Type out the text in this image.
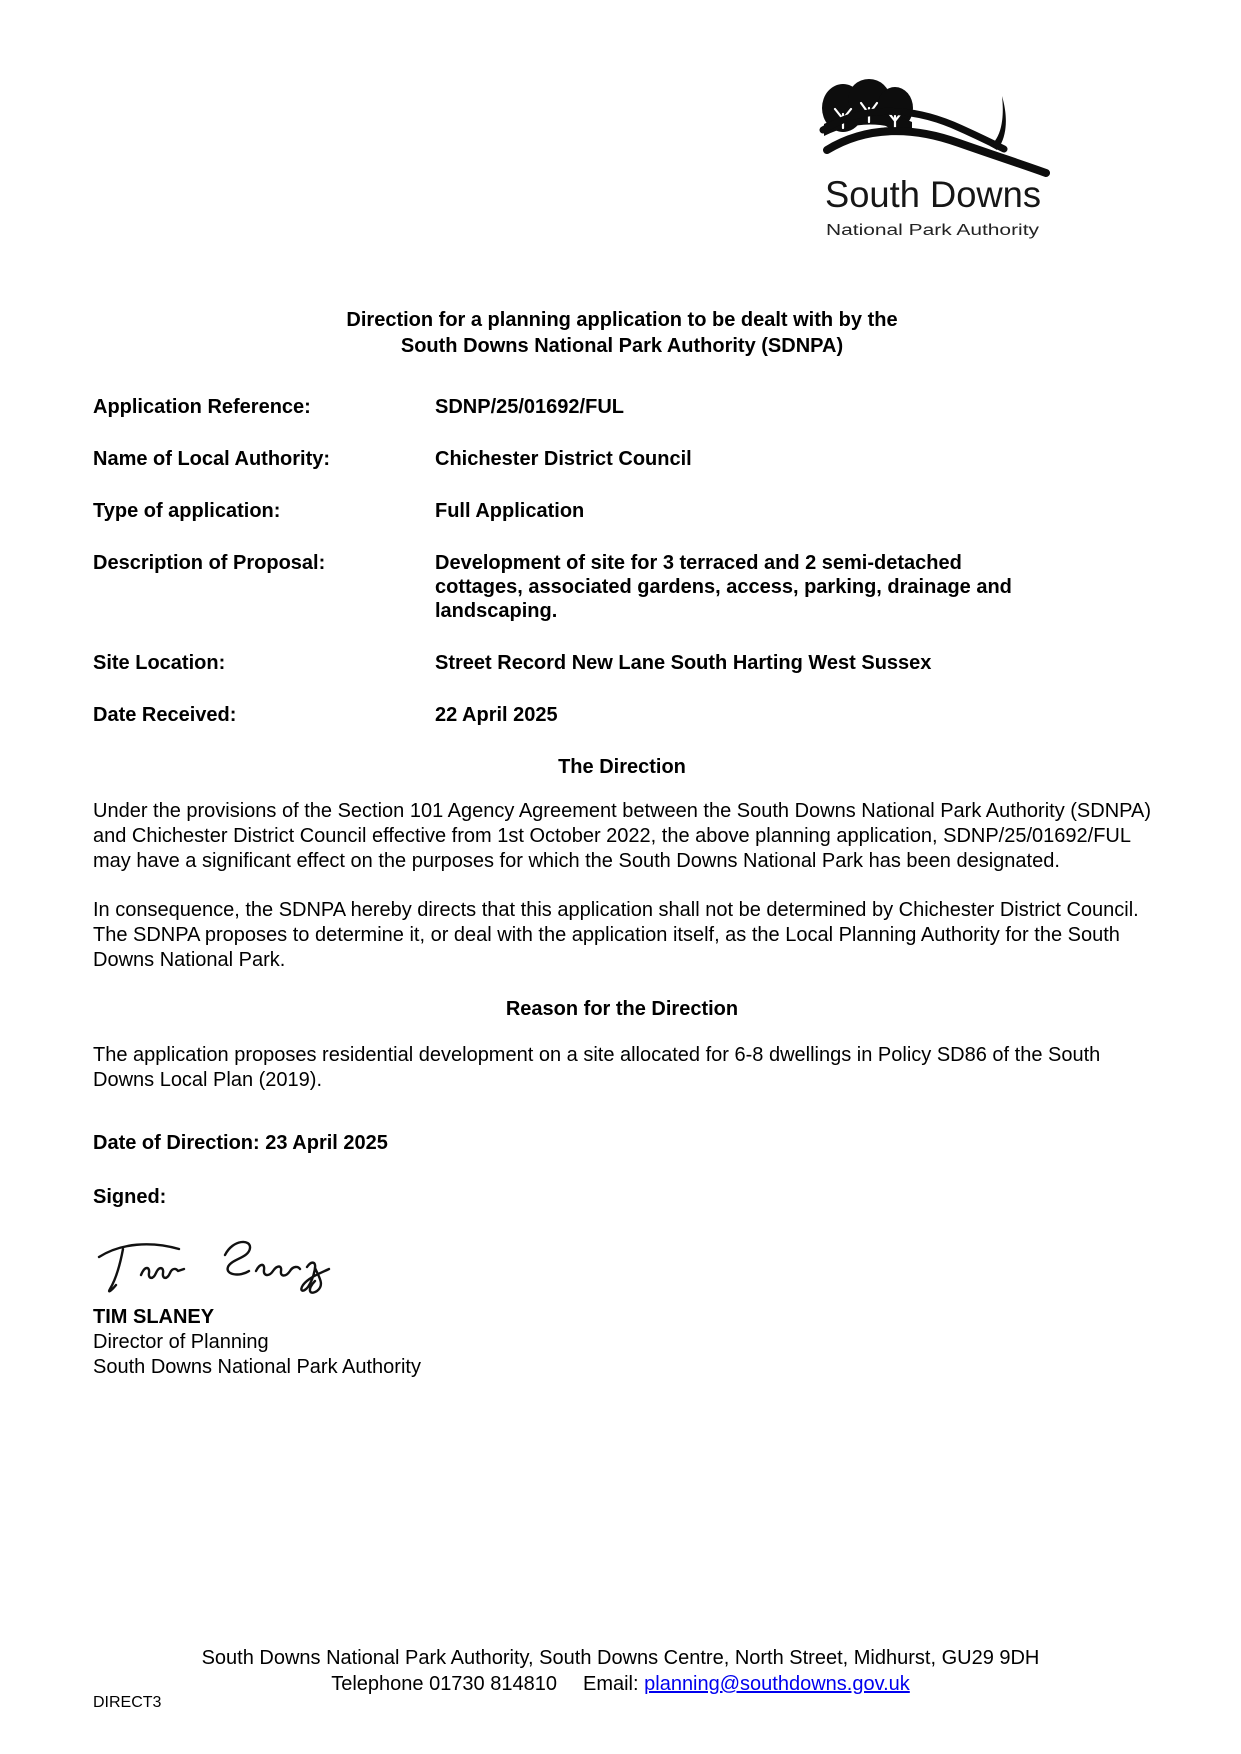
South Downs
National Park Authority
Direction for a planning application to be dealt with by the
South Downs National Park Authority (SDNPA)
Application Reference:	SDNP/25/01692/FUL
Name of Local Authority:	Chichester District Council
Type of application:	Full Application
Description of Proposal:	Development of site for 3 terraced and 2 semi-detached cottages, associated gardens, access, parking, drainage and landscaping.
Site Location:	Street Record New Lane South Harting West Sussex
Date Received:	22 April 2025
The Direction

Under the provisions of the Section 101 Agency Agreement between the South Downs National Park Authority (SDNPA) and Chichester District Council effective from 1st October 2022, the above planning application, SDNP/25/01692/FUL may have a significant effect on the purposes for which the South Downs National Park has been designated.

In consequence, the SDNPA hereby directs that this application shall not be determined by Chichester District Council. The SDNPA proposes to determine it, or deal with the application itself, as the Local Planning Authority for the South Downs National Park.

Reason for the Direction

The application proposes residential development on a site allocated for 6-8 dwellings in Policy SD86 of the South Downs Local Plan (2019).

Date of Direction: 23 April 2025
Signed:
TIM SLANEY
Director of Planning
South Downs National Park Authority
South Downs National Park Authority, South Downs Centre, North Street, Midhurst, GU29 9DH
Telephone 01730 814810 Email: planning@southdowns.gov.uk
DIRECT3
